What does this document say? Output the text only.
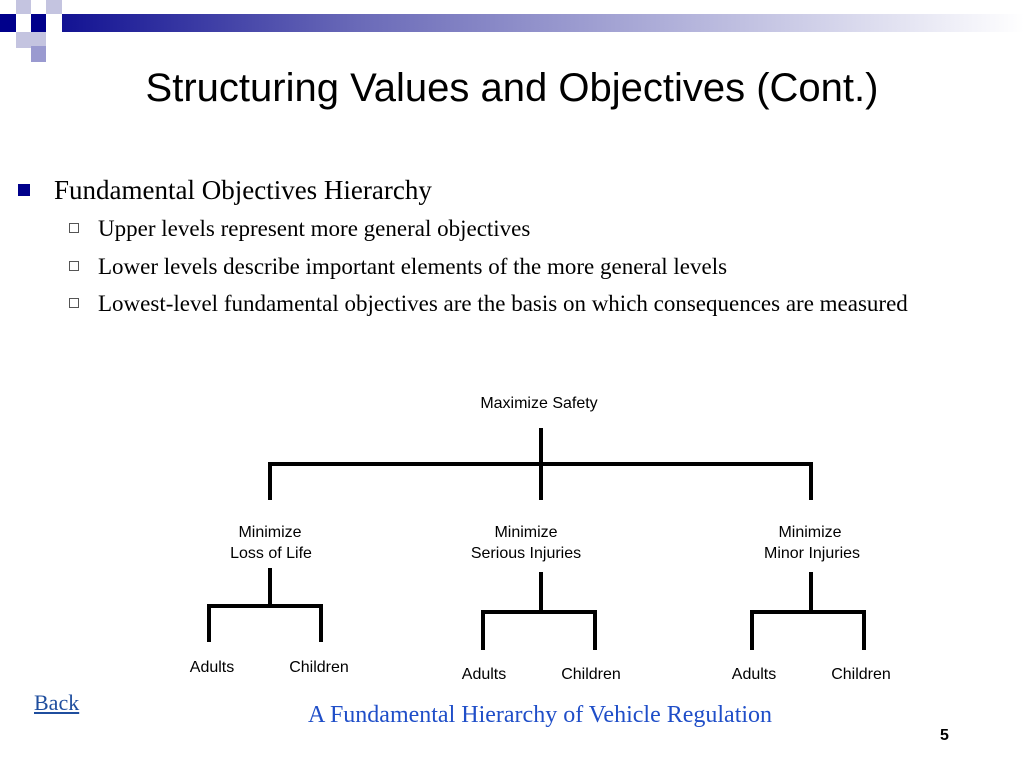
Structuring Values and Objectives (Cont.)
Fundamental Objectives Hierarchy
Upper levels represent more general objectives
Lower levels describe important elements of the more general levels
Lowest-level fundamental objectives are the basis on which consequences are measured
Maximize Safety
Minimize
Loss of Life
Minimize
Serious Injuries
Minimize
Minor Injuries
Adults	Children	Adults	Children	Adults	Children
Back	A Fundamental Hierarchy of Vehicle Regulation
5
